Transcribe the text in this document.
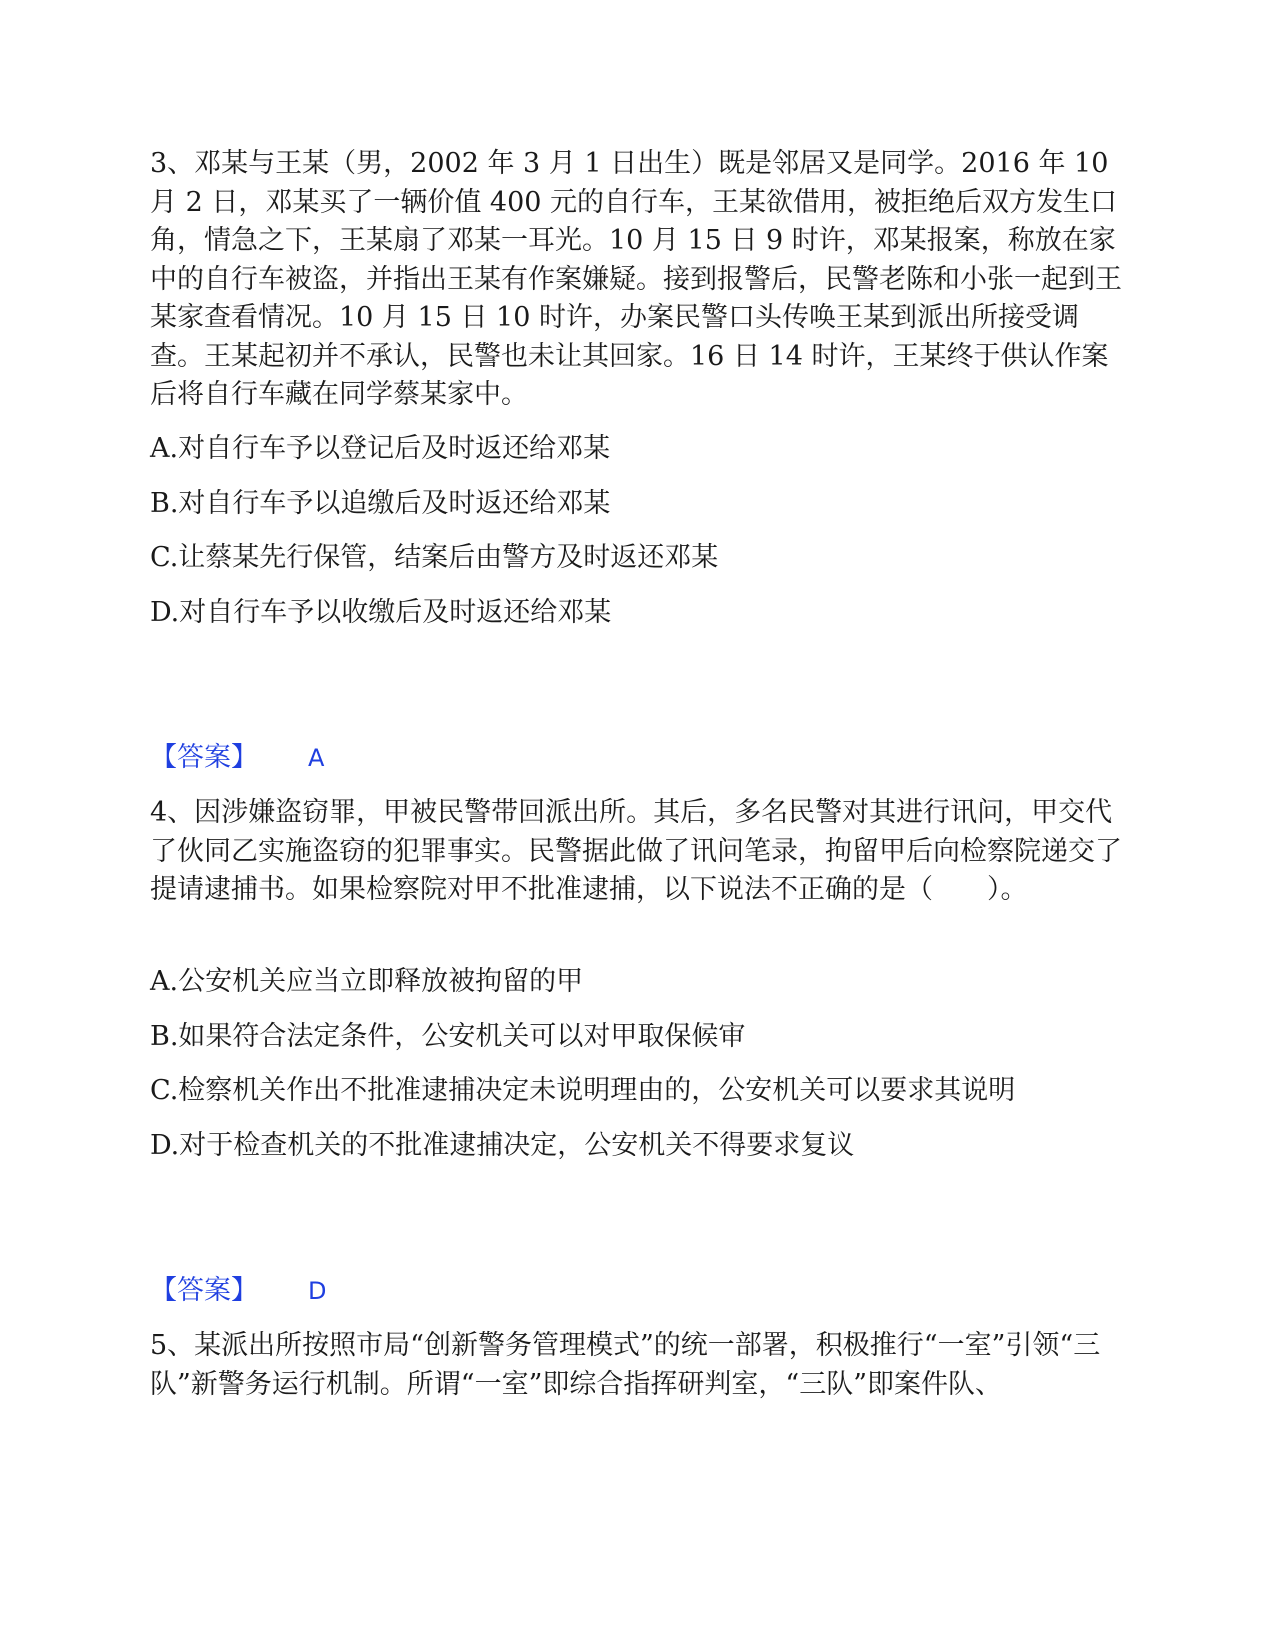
3、邓某与王某（男，2002 年 3 月 1 日出生）既是邻居又是同学。2016 年 10 月 2 日，邓某买了一辆价值 400 元的自行车，王某欲借用，被拒绝后双方发生口角，情急之下，王某扇了邓某一耳光。10 月 15 日 9 时许，邓某报案，称放在家中的自行车被盗，并指出王某有作案嫌疑。接到报警后，民警老陈和小张一起到王某家查看情况。10 月 15 日 10 时许，办案民警口头传唤王某到派出所接受调查。王某起初并不承认，民警也未让其回家。16 日 14 时许，王某终于供认作案后将自行车藏在同学蔡某家中。

A.对自行车予以登记后及时返还给邓某

B.对自行车予以追缴后及时返还给邓某

C.让蔡某先行保管，结案后由警方及时返还邓某

D.对自行车予以收缴后及时返还给邓某

【答案】 A

4、因涉嫌盗窃罪，甲被民警带回派出所。其后，多名民警对其进行讯问，甲交代了伙同乙实施盗窃的犯罪事实。民警据此做了讯问笔录，拘留甲后向检察院递交了提请逮捕书。如果检察院对甲不批准逮捕，以下说法不正确的是（　　）。

A.公安机关应当立即释放被拘留的甲

B.如果符合法定条件，公安机关可以对甲取保候审

C.检察机关作出不批准逮捕决定未说明理由的，公安机关可以要求其说明

D.对于检查机关的不批准逮捕决定，公安机关不得要求复议

【答案】 D

5、某派出所按照市局“创新警务管理模式”的统一部署，积极推行“一室”引领“三队”新警务运行机制。所谓“一室”即综合指挥研判室，“三队”即案件队、
